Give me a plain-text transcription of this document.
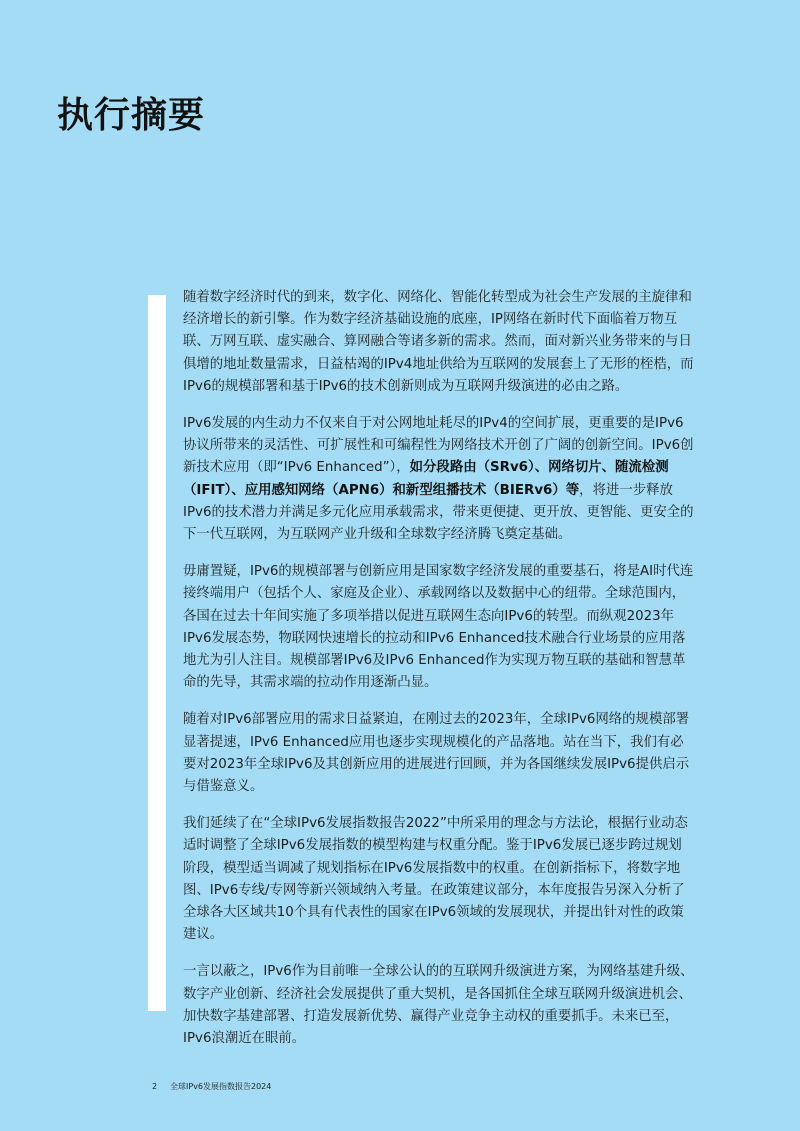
执行摘要

随着数字经济时代的到来，数字化、网络化、智能化转型成为社会生产发展的主旋律和经济增长的新引擎。作为数字经济基础设施的底座，IP网络在新时代下面临着万物互联、万网互联、虚实融合、算网融合等诸多新的需求。然而，面对新兴业务带来的与日俱增的地址数量需求，日益枯竭的IPv4地址供给为互联网的发展套上了无形的桎梏，而IPv6的规模部署和基于IPv6的技术创新则成为互联网升级演进的必由之路。

IPv6发展的内生动力不仅来自于对公网地址耗尽的IPv4的空间扩展，更重要的是IPv6协议所带来的灵活性、可扩展性和可编程性为网络技术开创了广阔的创新空间。IPv6创新技术应用（即“IPv6 Enhanced”），如分段路由（SRv6）、网络切片、随流检测（IFIT）、应用感知网络（APN6）和新型组播技术（BIERv6）等，将进一步释放IPv6的技术潜力并满足多元化应用承载需求，带来更便捷、更开放、更智能、更安全的下一代互联网，为互联网产业升级和全球数字经济腾飞奠定基础。

毋庸置疑，IPv6的规模部署与创新应用是国家数字经济发展的重要基石，将是AI时代连接终端用户（包括个人、家庭及企业）、承载网络以及数据中心的纽带。全球范围内，各国在过去十年间实施了多项举措以促进互联网生态向IPv6的转型。而纵观2023年IPv6发展态势，物联网快速增长的拉动和IPv6 Enhanced技术融合行业场景的应用落地尤为引人注目。规模部署IPv6及IPv6 Enhanced作为实现万物互联的基础和智慧革命的先导，其需求端的拉动作用逐渐凸显。

随着对IPv6部署应用的需求日益紧迫，在刚过去的2023年，全球IPv6网络的规模部署显著提速，IPv6 Enhanced应用也逐步实现规模化的产品落地。站在当下，我们有必要对2023年全球IPv6及其创新应用的进展进行回顾，并为各国继续发展IPv6提供启示与借鉴意义。

我们延续了在“全球IPv6发展指数报告2022”中所采用的理念与方法论，根据行业动态适时调整了全球IPv6发展指数的模型构建与权重分配。鉴于IPv6发展已逐步跨过规划阶段，模型适当调减了规划指标在IPv6发展指数中的权重。在创新指标下，将数字地图、IPv6专线/专网等新兴领域纳入考量。在政策建议部分，本年度报告另深入分析了全球各大区域共10个具有代表性的国家在IPv6领域的发展现状，并提出针对性的政策建议。

一言以蔽之，IPv6作为目前唯一全球公认的的互联网升级演进方案，为网络基建升级、数字产业创新、经济社会发展提供了重大契机，是各国抓住全球互联网升级演进机会、加快数字基建部署、打造发展新优势、赢得产业竞争主动权的重要抓手。未来已至，IPv6浪潮近在眼前。

2 全球IPv6发展指数报告2024
